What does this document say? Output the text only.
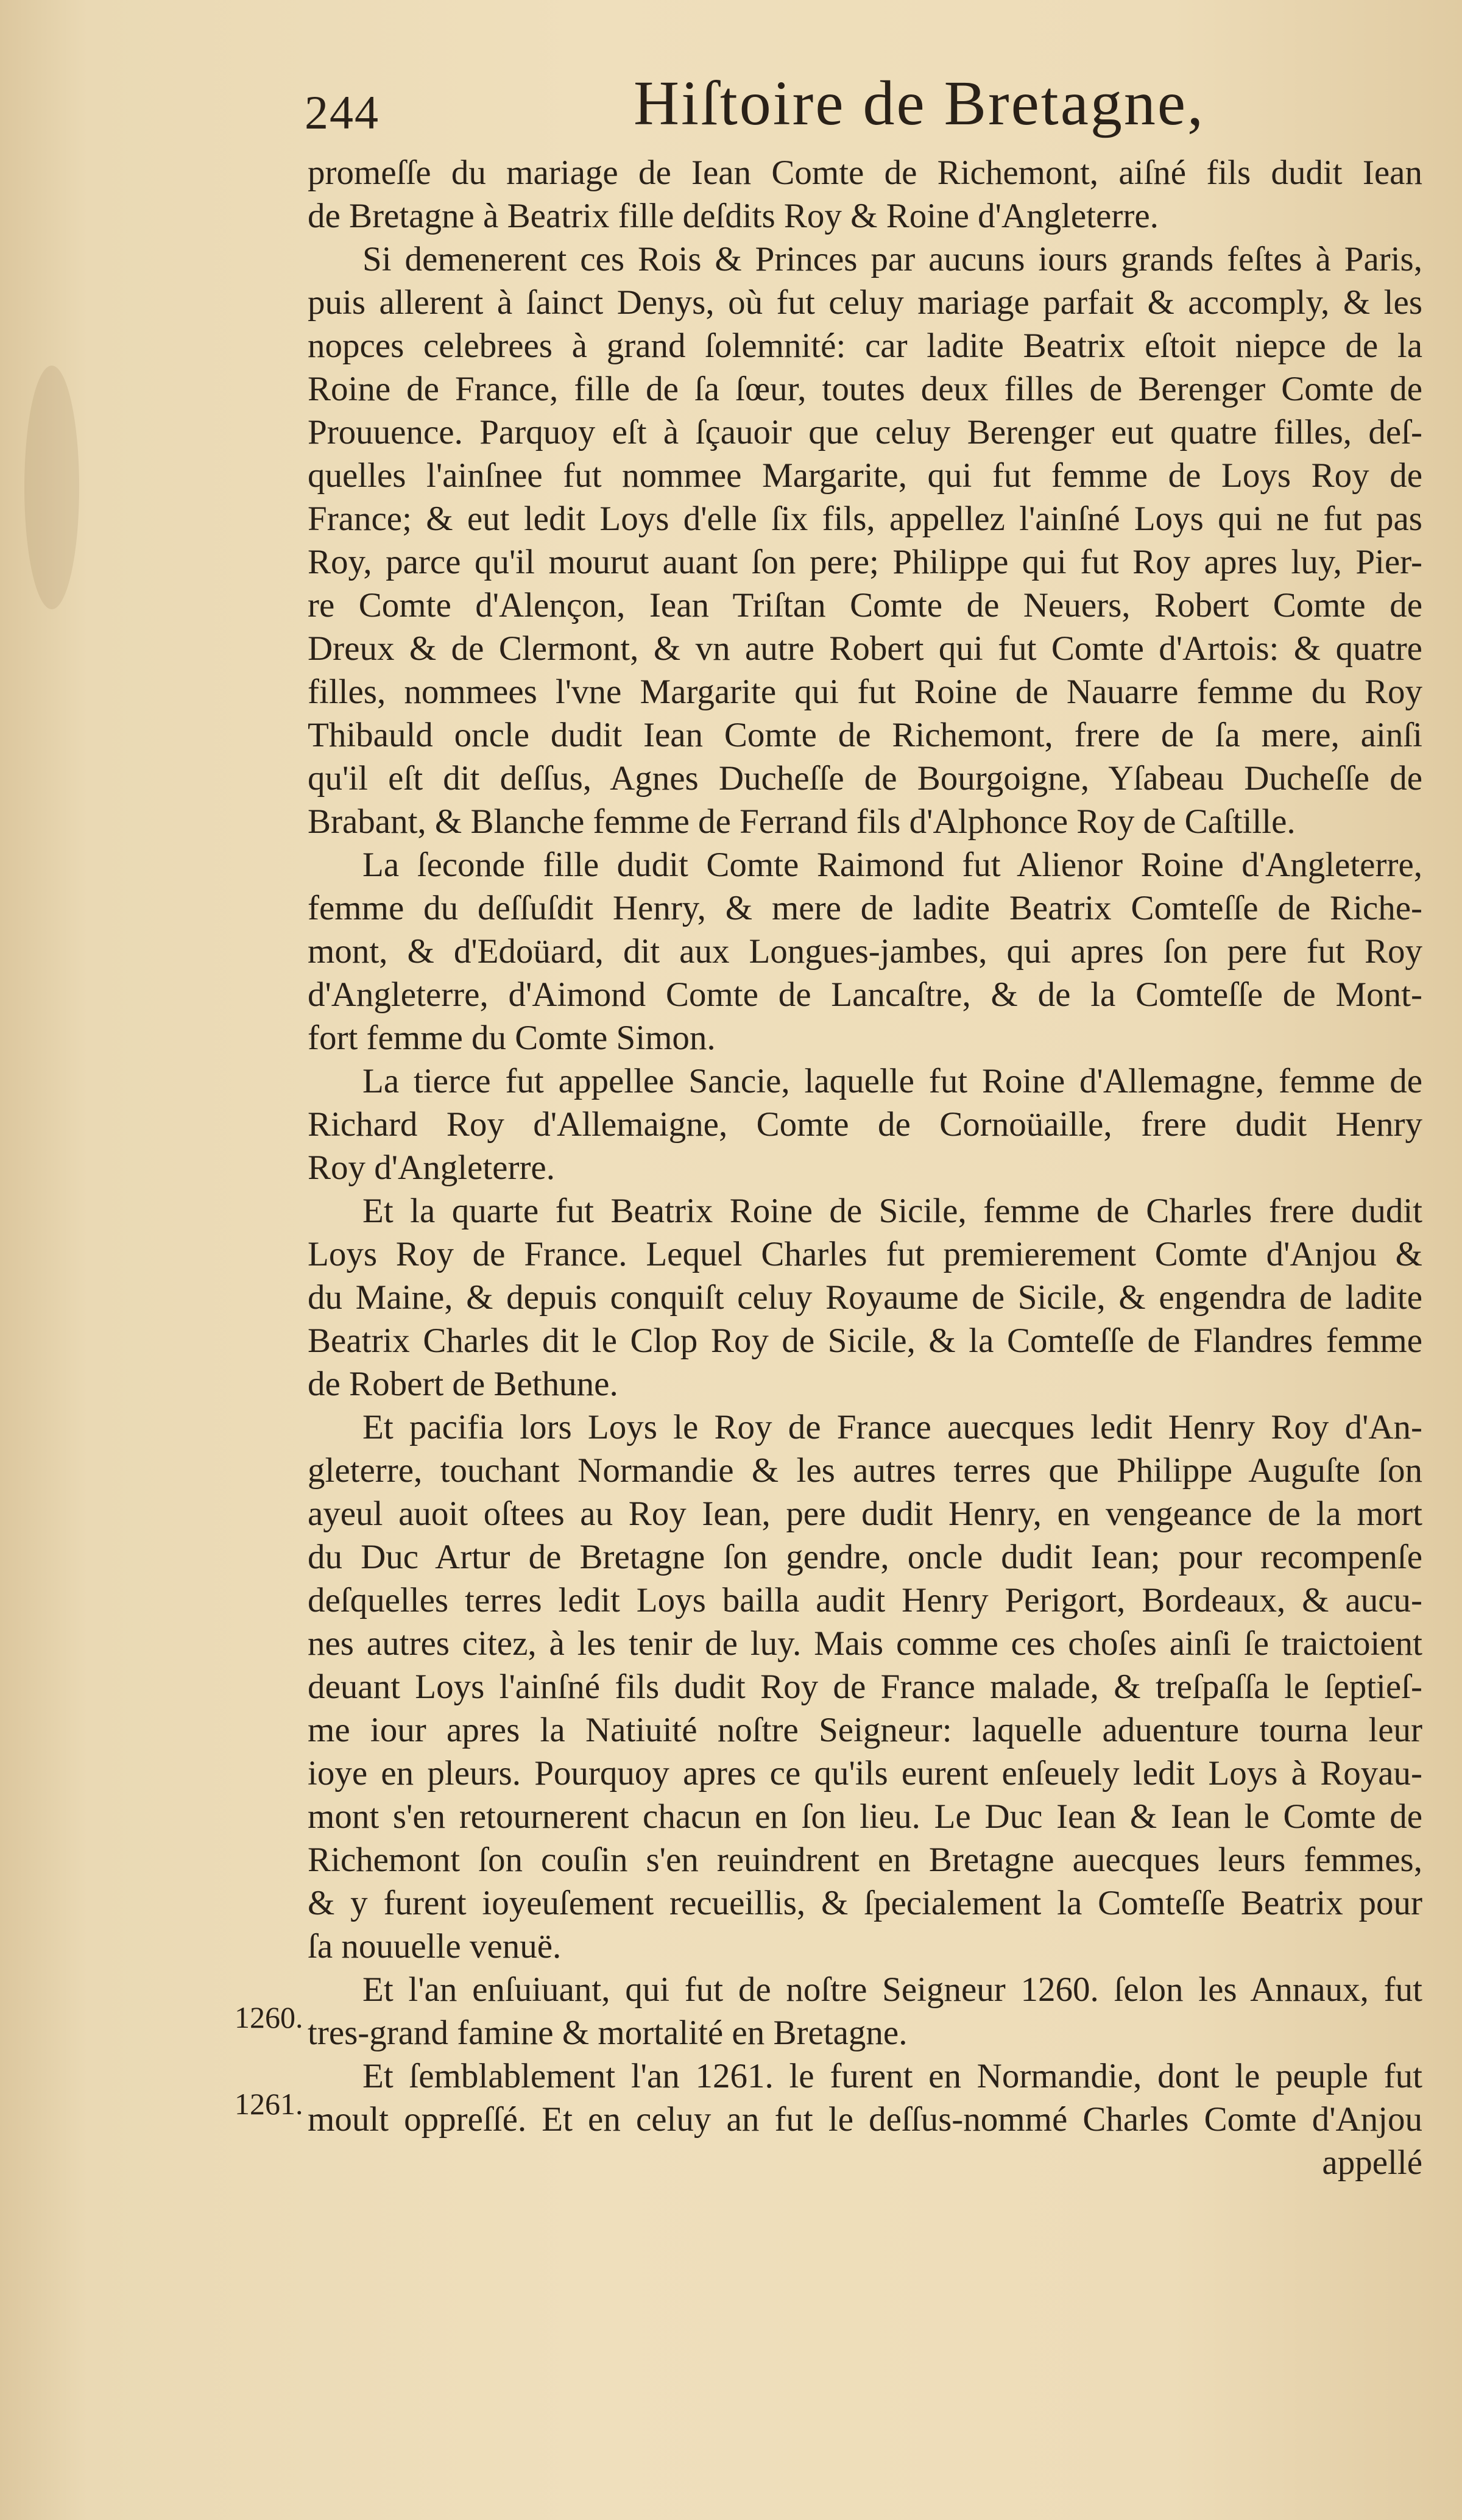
244	Hiſtoire de Bretagne,
1260.
1261.
promeſſe du mariage de Iean Comte de Richemont, aiſné fils dudit Iean
de Bretagne à Beatrix fille deſdits Roy & Roine d'Angleterre.
Si demenerent ces Rois & Princes par aucuns iours grands feſtes à Paris,
puis allerent à ſainct Denys, où fut celuy mariage parfait & accomply, & les
nopces celebrees à grand ſolemnité: car ladite Beatrix eſtoit niepce de la
Roine de France, fille de ſa ſœur, toutes deux filles de Berenger Comte de
Prouuence. Parquoy eſt à ſçauoir que celuy Berenger eut quatre filles, deſ-
quelles l'ainſnee fut nommee Margarite, qui fut femme de Loys Roy de
France; & eut ledit Loys d'elle ſix fils, appellez l'ainſné Loys qui ne fut pas
Roy, parce qu'il mourut auant ſon pere; Philippe qui fut Roy apres luy, Pier-
re Comte d'Alençon, Iean Triſtan Comte de Neuers, Robert Comte de
Dreux & de Clermont, & vn autre Robert qui fut Comte d'Artois: & quatre
filles, nommees l'vne Margarite qui fut Roine de Nauarre femme du Roy
Thibauld oncle dudit Iean Comte de Richemont, frere de ſa mere, ainſi
qu'il eſt dit deſſus, Agnes Ducheſſe de Bourgoigne, Yſabeau Ducheſſe de
Brabant, & Blanche femme de Ferrand fils d'Alphonce Roy de Caſtille.
La ſeconde fille dudit Comte Raimond fut Alienor Roine d'Angleterre,
femme du deſſuſdit Henry, & mere de ladite Beatrix Comteſſe de Riche-
mont, & d'Edoüard, dit aux Longues-jambes, qui apres ſon pere fut Roy
d'Angleterre, d'Aimond Comte de Lancaſtre, & de la Comteſſe de Mont-
fort femme du Comte Simon.
La tierce fut appellee Sancie, laquelle fut Roine d'Allemagne, femme de
Richard Roy d'Allemaigne, Comte de Cornoüaille, frere dudit Henry
Roy d'Angleterre.
Et la quarte fut Beatrix Roine de Sicile, femme de Charles frere dudit
Loys Roy de France. Lequel Charles fut premierement Comte d'Anjou &
du Maine, & depuis conquiſt celuy Royaume de Sicile, & engendra de ladite
Beatrix Charles dit le Clop Roy de Sicile, & la Comteſſe de Flandres femme
de Robert de Bethune.
Et pacifia lors Loys le Roy de France auecques ledit Henry Roy d'An-
gleterre, touchant Normandie & les autres terres que Philippe Auguſte ſon
ayeul auoit oſtees au Roy Iean, pere dudit Henry, en vengeance de la mort
du Duc Artur de Bretagne ſon gendre, oncle dudit Iean; pour recompenſe
deſquelles terres ledit Loys bailla audit Henry Perigort, Bordeaux, & aucu-
nes autres citez, à les tenir de luy. Mais comme ces choſes ainſi ſe traictoient
deuant Loys l'ainſné fils dudit Roy de France malade, & treſpaſſa le ſeptieſ-
me iour apres la Natiuité noſtre Seigneur: laquelle aduenture tourna leur
ioye en pleurs. Pourquoy apres ce qu'ils eurent enſeuely ledit Loys à Royau-
mont s'en retournerent chacun en ſon lieu. Le Duc Iean & Iean le Comte de
Richemont ſon couſin s'en reuindrent en Bretagne auecques leurs femmes,
& y furent ioyeuſement recueillis, & ſpecialement la Comteſſe Beatrix pour
ſa nouuelle venuë.
Et l'an enſuiuant, qui fut de noſtre Seigneur 1260. ſelon les Annaux, fut
tres-grand famine & mortalité en Bretagne.
Et ſemblablement l'an 1261. le furent en Normandie, dont le peuple fut
moult oppreſſé. Et en celuy an fut le deſſus-nommé Charles Comte d'Anjou
appellé
